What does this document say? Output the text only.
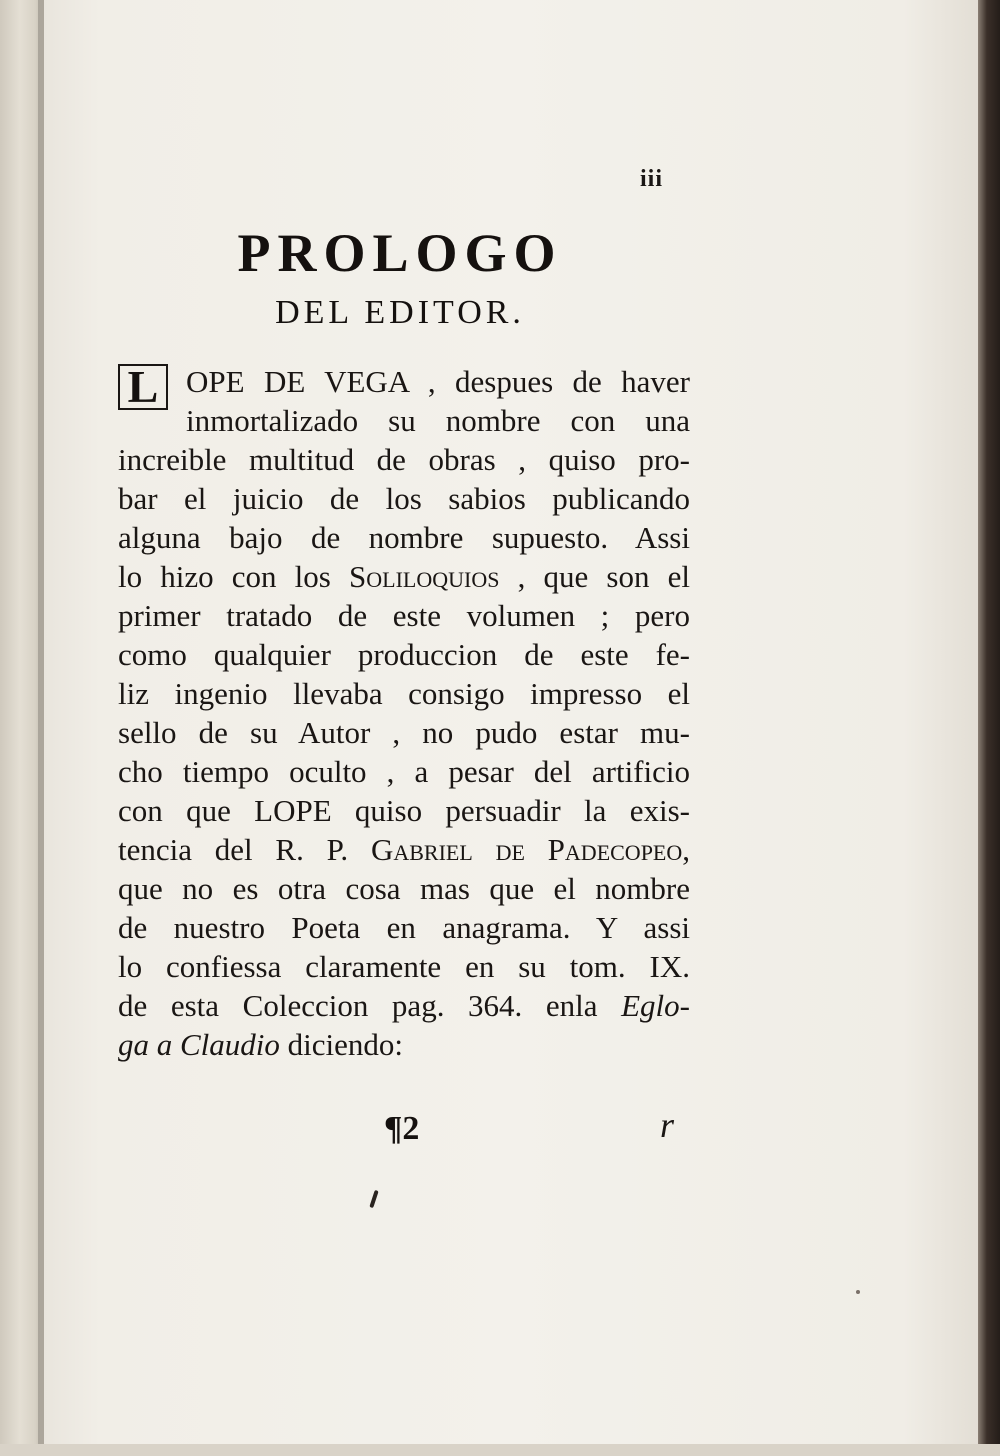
iii
PROLOGO
DEL EDITOR.
L OPE DE VEGA , despues de haver
inmortalizado su nombre con una
increible multitud de obras , quiso pro-
bar el juicio de los sabios publicando
alguna bajo de nombre supuesto. Assi
lo hizo con los Soliloquios , que son el
primer tratado de este volumen ; pero
como qualquier produccion de este fe-
liz ingenio llevaba consigo impresso el
sello de su Autor , no pudo estar mu-
cho tiempo oculto , a pesar del artificio
con que LOPE quiso persuadir la exis-
tencia del R. P. Gabriel de Padecopeo,
que no es otra cosa mas que el nombre
de nuestro Poeta en anagrama. Y assi
lo confiessa claramente en su tom. IX.
de esta Coleccion pag. 364. enla Eglo-
ga a Claudio diciendo:
¶2	r
